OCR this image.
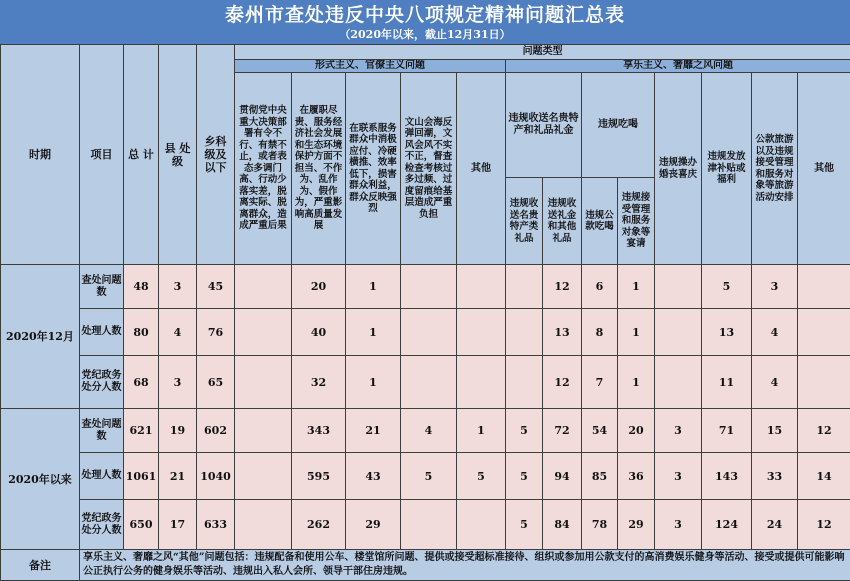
泰州市查处违反中央八项规定精神问题汇总表
（2020年以来，截止12月31日）
时期	项目	总 计	县 处 级	乡科级及以下	问题类型												
					形式主义、官僚主义问题					享乐主义、奢靡之风问题							
					贯彻党中央重大决策部署有令不行、有禁不止，或者表态多调门高、行动少落实差，脱离实际、脱离群众，造成严重后果	在履职尽责、服务经济社会发展和生态环境保护方面不担当、不作为、乱作为、假作为，严重影响高质量发展	在联系服务群众中消极应付、冷硬横推、效率低下，损害群众利益，群众反映强烈	文山会海反弹回潮，文风会风不实不正，督查检查考核过多过频、过度留痕给基层造成严重负担	其他	违规收送名贵特产和礼品礼金		违规吃喝		违规操办婚丧喜庆	违规发放津补贴或福利	公款旅游以及违规接受管理和服务对象等旅游活动安排	其他
										违规收送名贵特产类礼品	违规收送礼金和其他礼品	违规公款吃喝	违规接受管理和服务对象等宴请				
2020年12月	查处问题数	48	3	45		20	1				12	6	1		5	3	
	处理人数	80	4	76		40	1				13	8	1		13	4	
	党纪政务处分人数	68	3	65		32	1				12	7	1		11	4	
2020年以来	查处问题数	621	19	602		343	21	4	1	5	72	54	20	3	71	15	12
	处理人数	1061	21	1040		595	43	5	5	5	94	85	36	3	143	33	14
	党纪政务处分人数	650	17	633		262	29			5	84	78	29	3	124	24	12
备注	享乐主义、奢靡之风“其他”问题包括：违规配备和使用公车、楼堂馆所问题、提供或接受超标准接待、组织或参加用公款支付的高消费娱乐健身等活动、接受或提供可能影响公正执行公务的健身娱乐等活动、违规出入私人会所、领导干部住房违规。																
